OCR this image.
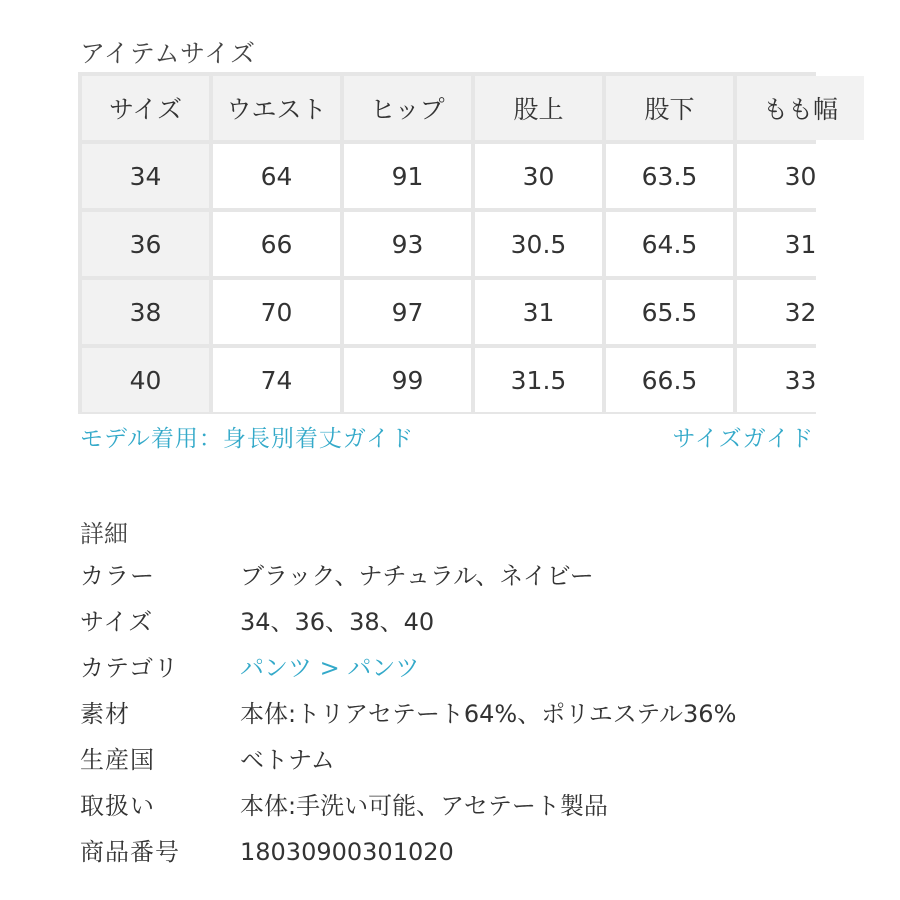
アイテムサイズ
サイズ	ウエスト	ヒップ	股上	股下	もも幅
34	64	91	30	63.5	30
36	66	93	30.5	64.5	31
38	70	97	31	65.5	32
40	74	99	31.5	66.5	33
モデル着用：身長別着丈ガイド	サイズガイド
詳細
カラー	ブラック、ナチュラル、ネイビー
サイズ	34、36、38、40
カテゴリ	パンツ > パンツ
素材	本体:トリアセテート64%、ポリエステル36%
生産国	ベトナム
取扱い	本体:手洗い可能、アセテート製品
商品番号	18030900301020
